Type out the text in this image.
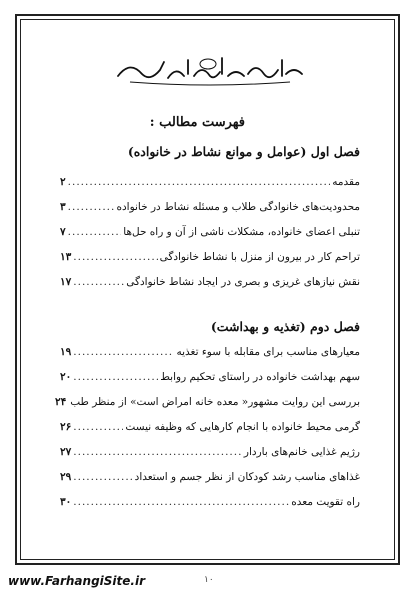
فهرست مطالب :
فصل اول (عوامل و موانع نشاط در خانواده)
مقدمه
.....
۲
محدودیت‌های خانوادگی طلاب و مسئله نشاط در خانواده
.....
۳
تنبلی اعضای خانواده، مشکلات ناشی از آن و راه حل‌ها
.....
۷
تراحم کار در بیرون از منزل با نشاط خانوادگی
.....
۱۳
نقش نیازهای غریزی و بصری در ایجاد نشاط خانوادگی
.....
۱۷
فصل دوم (تغذیه و بهداشت)
معیارهای مناسب برای مقابله با سوء تغذیه
.....
۱۹
سهم بهداشت خانواده در راستای تحکیم روابط
.....
۲۰
بررسی این روایت مشهور« معده خانه امراض است» از منظر طب
۲۴
گرمی محیط خانواده با انجام کارهایی که وظیفه نیست
.....
۲۶
رژیم غذایی خانم‌های باردار
.....
۲۷
غذاهای مناسب رشد کودکان از نظر جسم و استعداد
.....
۲۹
راه تقویت معده
.....
۳۰
۱۰
www.FarhangiSite.ir
